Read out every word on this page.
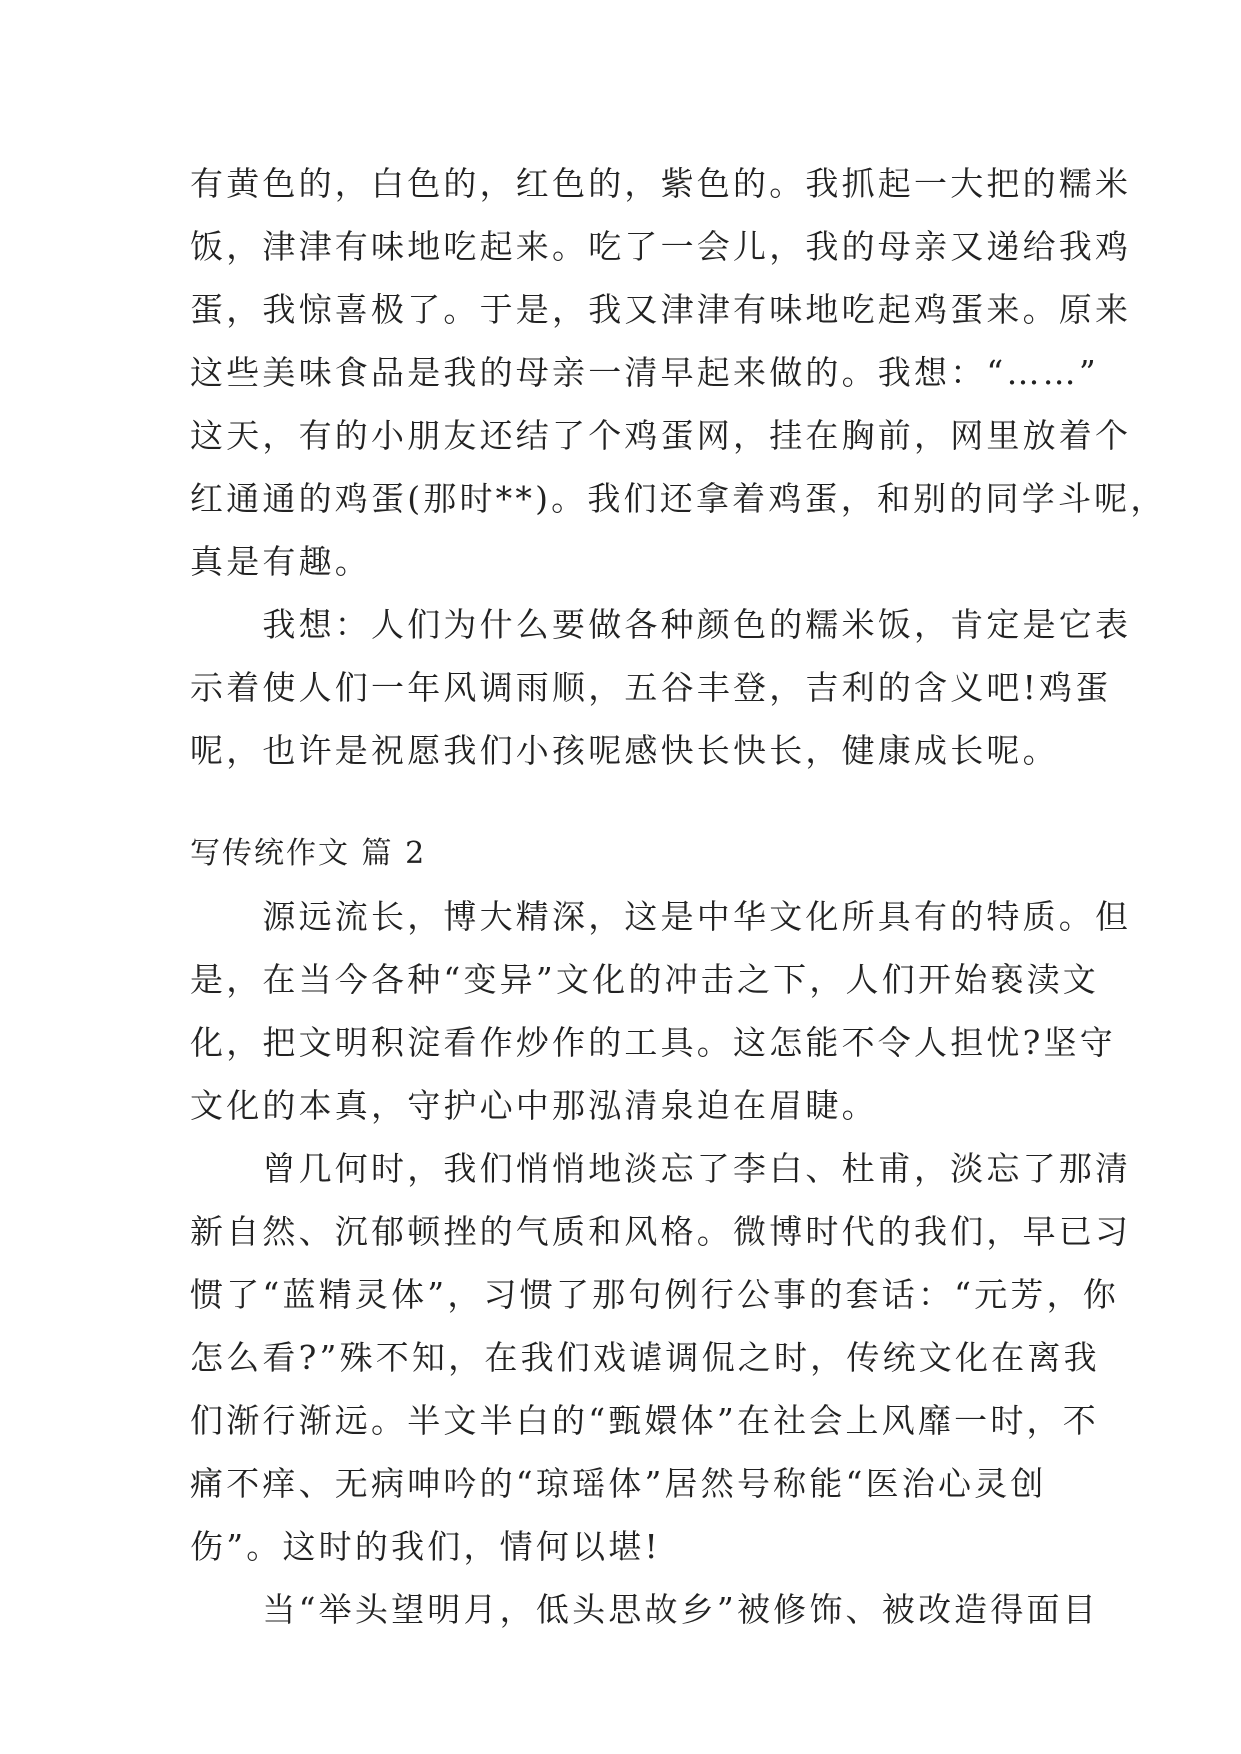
有黄色的，白色的，红色的，紫色的。我抓起一大把的糯米
饭，津津有味地吃起来。吃了一会儿，我的母亲又递给我鸡
蛋，我惊喜极了。于是，我又津津有味地吃起鸡蛋来。原来
这些美味食品是我的母亲一清早起来做的。我想：“……”
这天，有的小朋友还结了个鸡蛋网，挂在胸前，网里放着个
红通通的鸡蛋(那时**)。我们还拿着鸡蛋，和别的同学斗呢，
真是有趣。
　　我想：人们为什么要做各种颜色的糯米饭，肯定是它表
示着使人们一年风调雨顺，五谷丰登，吉利的含义吧!鸡蛋
呢，也许是祝愿我们小孩呢感快长快长，健康成长呢。
写传统作文 篇 2
　　源远流长，博大精深，这是中华文化所具有的特质。但
是，在当今各种“变异”文化的冲击之下，人们开始亵渎文
化，把文明积淀看作炒作的工具。这怎能不令人担忧?坚守
文化的本真，守护心中那泓清泉迫在眉睫。
　　曾几何时，我们悄悄地淡忘了李白、杜甫，淡忘了那清
新自然、沉郁顿挫的气质和风格。微博时代的我们，早已习
惯了“蓝精灵体”，习惯了那句例行公事的套话：“元芳，你
怎么看?”殊不知，在我们戏谑调侃之时，传统文化在离我
们渐行渐远。半文半白的“甄嬛体”在社会上风靡一时，不
痛不痒、无病呻吟的“琼瑶体”居然号称能“医治心灵创
伤”。这时的我们，情何以堪!
　　当“举头望明月，低头思故乡”被修饰、被改造得面目
